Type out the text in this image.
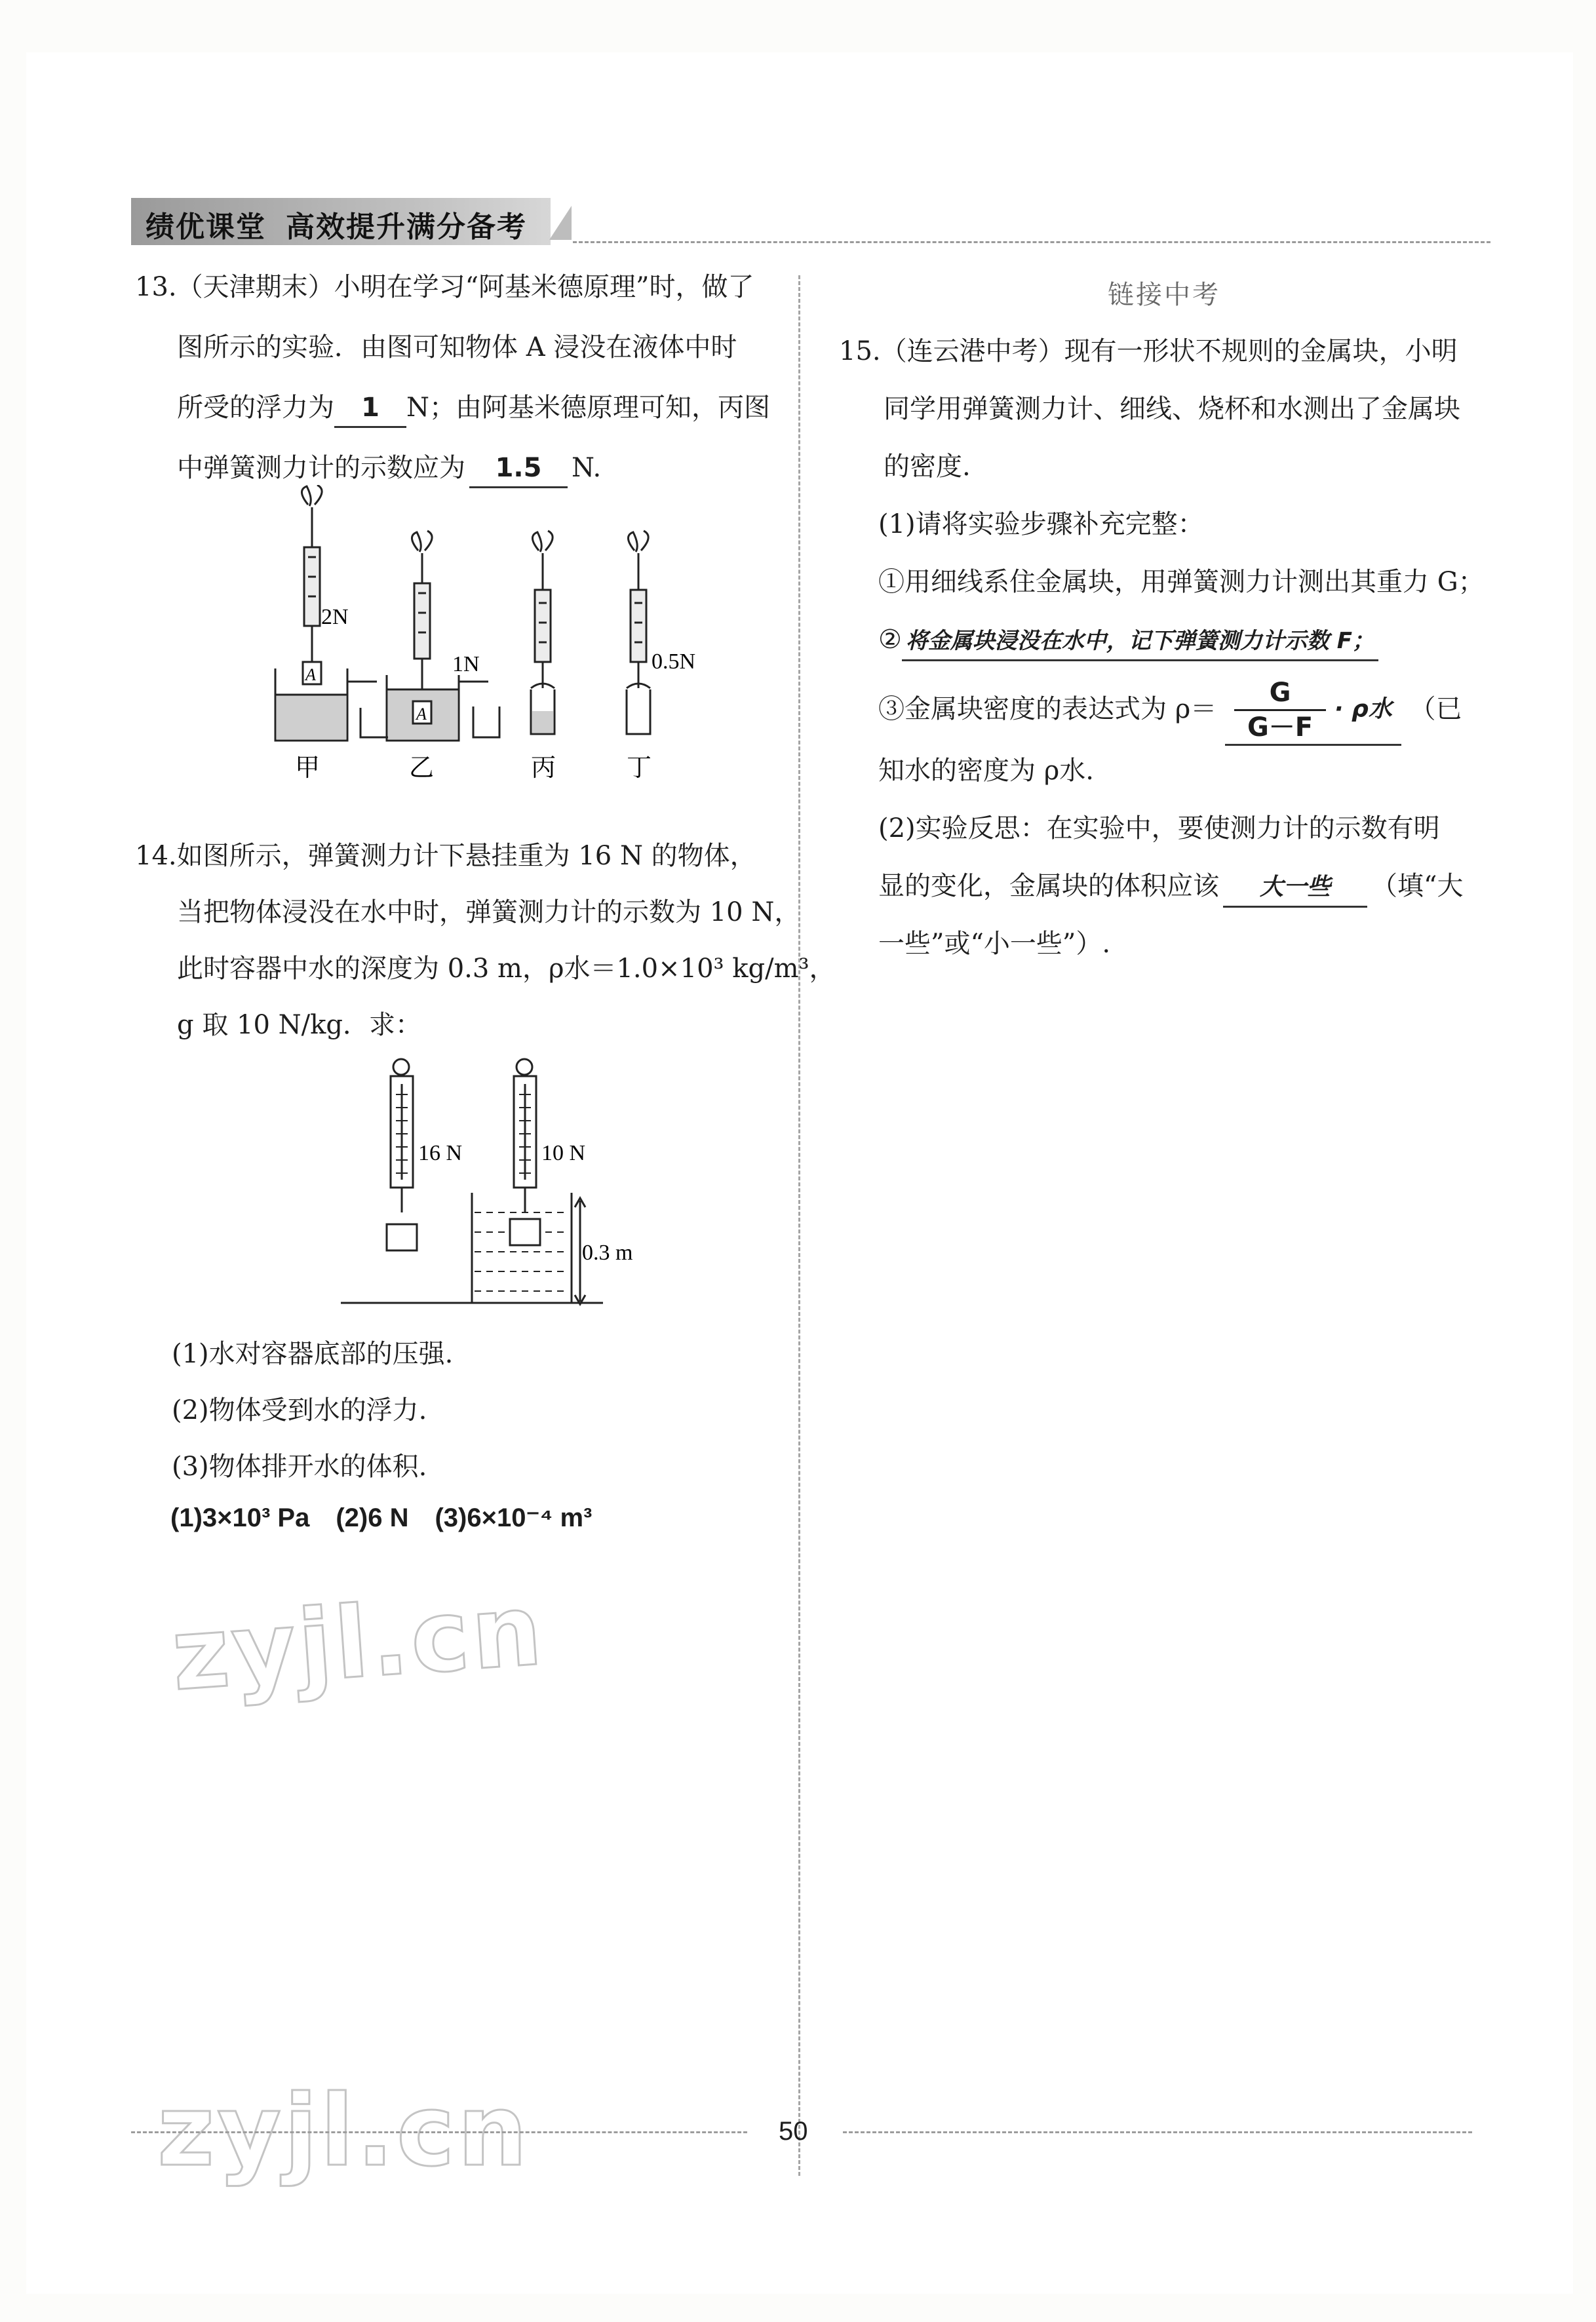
绩优课堂 高效提升满分备考
13.（天津期末）小明在学习“阿基米德原理”时，做了
图所示的实验．由图可知物体 A 浸没在液体中时
所受的浮力为 1 N；由阿基米德原理可知，丙图
中弹簧测力计的示数应为 1.5 N.
2N
1N	0.5N
A
A
甲	乙	丙	丁
14.如图所示，弹簧测力计下悬挂重为 16 N 的物体，
当把物体浸没在水中时，弹簧测力计的示数为 10 N，
此时容器中水的深度为 0.3 m，ρ水＝1.0×10³ kg/m³，
g 取 10 N/kg．求：
16 N	10 N
0.3 m
(1)水对容器底部的压强.
(2)物体受到水的浮力.
(3)物体排开水的体积.
(1)3×10³ Pa　(2)6 N　(3)6×10⁻⁴ m³
zyjl.cn
zyjl.cn
链接中考
15.（连云港中考）现有一形状不规则的金属块，小明
同学用弹簧测力计、细线、烧杯和水测出了金属块
的密度.
(1)请将实验步骤补充完整：
①用细线系住金属块，用弹簧测力计测出其重力 G；
② 将金属块浸没在水中，记下弹簧测力计示数 F；
③金属块密度的表达式为 $\rho= \frac{G}{G-F} \cdot \rho$水 （已
知水的密度为 ρ水.
(2)实验反思：在实验中，要使测力计的示数有明
显的变化，金属块的体积应该 大一些 （填“大
一些”或“小一些”）.
50
